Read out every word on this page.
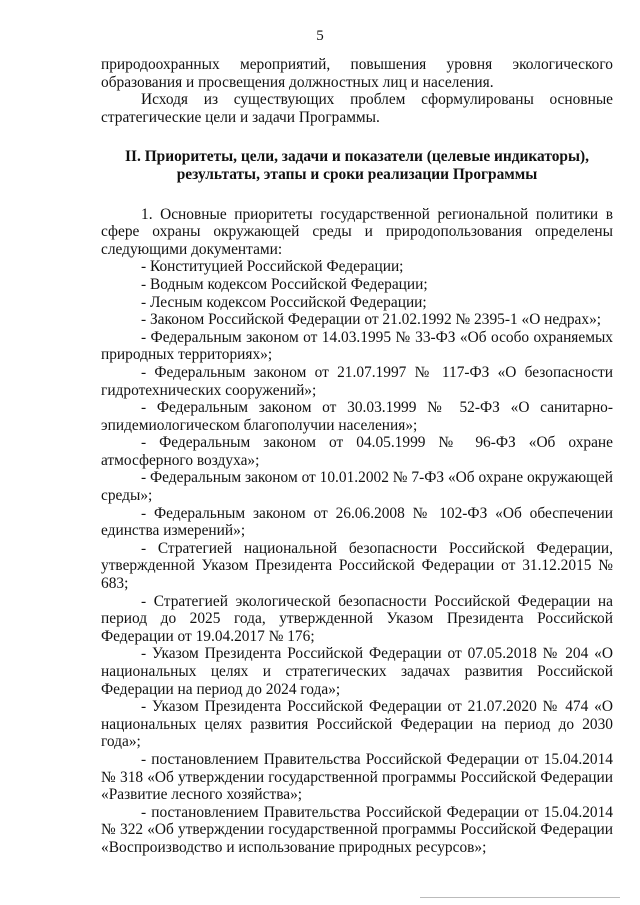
5

природоохранных мероприятий, повышения уровня экологического образования и просвещения должностных лиц и населения.

Исходя из существующих проблем сформулированы основные стратегические цели и задачи Программы.

II. Приоритеты, цели, задачи и показатели (целевые индикаторы), результаты, этапы и сроки реализации Программы

1. Основные приоритеты государственной региональной политики в сфере охраны окружающей среды и природопользования определены следующими документами:

- Конституцией Российской Федерации;

- Водным кодексом Российской Федерации;

- Лесным кодексом Российской Федерации;

- Законом Российской Федерации от 21.02.1992 № 2395-1 «О недрах»;

- Федеральным законом от 14.03.1995 № 33-ФЗ «Об особо охраняемых природных территориях»;

- Федеральным законом от 21.07.1997 № 117-ФЗ «О безопасности гидротехнических сооружений»;

- Федеральным законом от 30.03.1999 № 52-ФЗ «О санитарно-эпидемиологическом благополучии населения»;

- Федеральным законом от 04.05.1999 № 96-ФЗ «Об охране атмосферного воздуха»;

- Федеральным законом от 10.01.2002 № 7-ФЗ «Об охране окружающей среды»;

- Федеральным законом от 26.06.2008 № 102-ФЗ «Об обеспечении единства измерений»;

- Стратегией национальной безопасности Российской Федерации, утвержденной Указом Президента Российской Федерации от 31.12.2015 № 683;

- Стратегией экологической безопасности Российской Федерации на период до 2025 года, утвержденной Указом Президента Российской Федерации от 19.04.2017 № 176;

- Указом Президента Российской Федерации от 07.05.2018 № 204 «О национальных целях и стратегических задачах развития Российской Федерации на период до 2024 года»;

- Указом Президента Российской Федерации от 21.07.2020 № 474 «О национальных целях развития Российской Федерации на период до 2030 года»;

- постановлением Правительства Российской Федерации от 15.04.2014 № 318 «Об утверждении государственной программы Российской Федерации «Развитие лесного хозяйства»;

- постановлением Правительства Российской Федерации от 15.04.2014 № 322 «Об утверждении государственной программы Российской Федерации «Воспроизводство и использование природных ресурсов»;
